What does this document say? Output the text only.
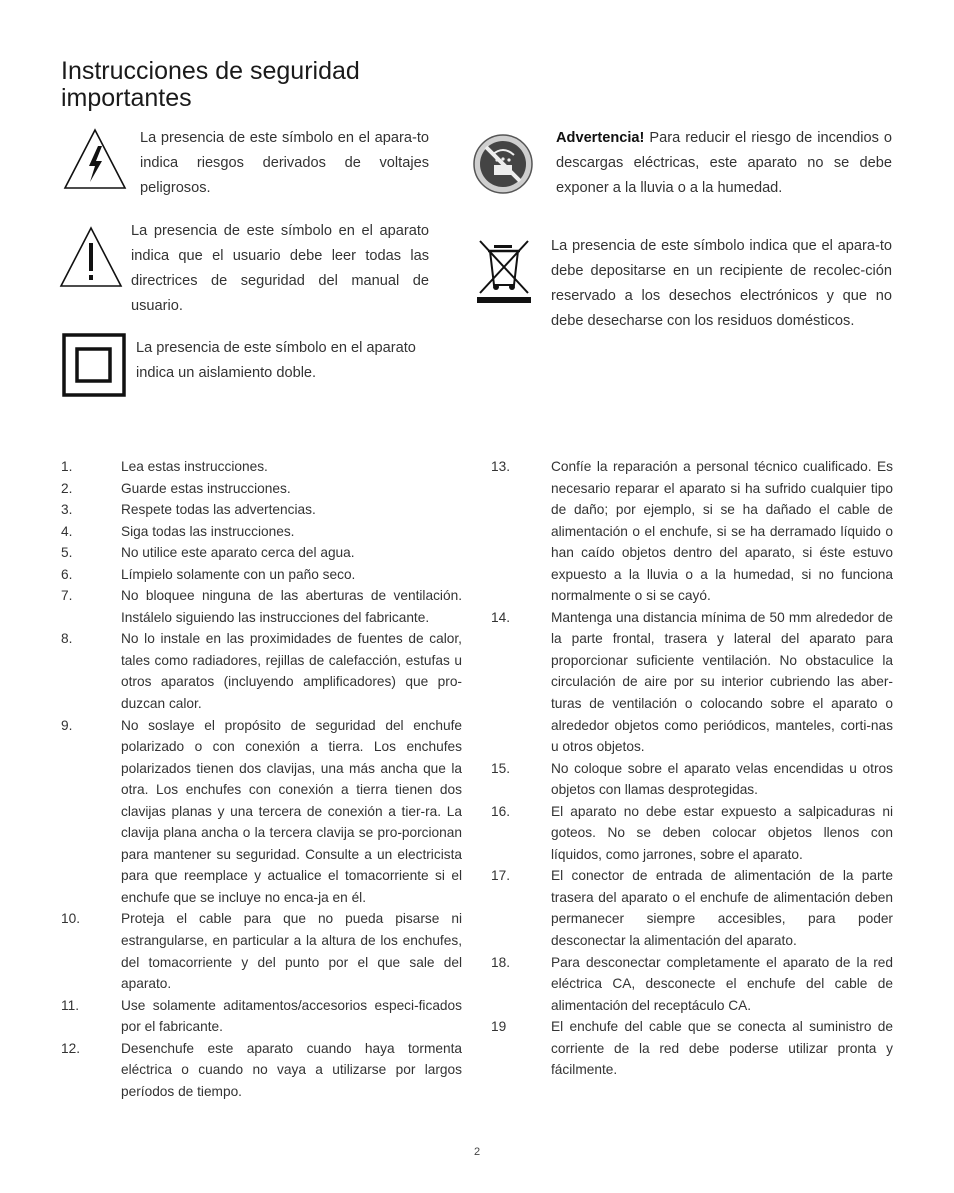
Instrucciones de seguridad importantes

La presencia de este símbolo en el apara-to indica riesgos derivados de voltajes peligrosos.

La presencia de este símbolo en el aparato indica que el usuario debe leer todas las directrices de seguridad del manual de usuario.

La presencia de este símbolo en el aparato indica un aislamiento doble.

Advertencia! Para reducir el riesgo de incendios o descargas eléctricas, este aparato no se debe exponer a la lluvia o a la humedad.

La presencia de este símbolo indica que el apara-to debe depositarse en un recipiente de recolec-ción reservado a los desechos electrónicos y que no debe desecharse con los residuos domésticos.

1.	Lea estas instrucciones.
2.	Guarde estas instrucciones.
3.	Respete todas las advertencias.
4.	Siga todas las instrucciones.
5.	No utilice este aparato cerca del agua.
6.	Límpielo solamente con un paño seco.
7.	No bloquee ninguna de las aberturas de ventilación. Instálelo siguiendo las instrucciones del fabricante.
8.	No lo instale en las proximidades de fuentes de calor, tales como radiadores, rejillas de calefacción, estufas u otros aparatos (incluyendo amplificadores) que pro-duzcan calor.
9.	No soslaye el propósito de seguridad del enchufe polarizado o con conexión a tierra. Los enchufes polarizados tienen dos clavijas, una más ancha que la otra. Los enchufes con conexión a tierra tienen dos clavijas planas y una tercera de conexión a tier-ra. La clavija plana ancha o la tercera clavija se pro-porcionan para mantener su seguridad. Consulte a un electricista para que reemplace y actualice el tomacorriente si el enchufe que se incluye no enca-ja en él.
10.	Proteja el cable para que no pueda pisarse ni estrangularse, en particular a la altura de los enchufes, del tomacorriente y del punto por el que sale del aparato.
11.	Use solamente aditamentos/accesorios especi-ficados por el fabricante.
12.	Desenchufe este aparato cuando haya tormenta eléctrica o cuando no vaya a utilizarse por largos períodos de tiempo.
13.	Confíe la reparación a personal técnico cualificado. Es necesario reparar el aparato si ha sufrido cualquier tipo de daño; por ejemplo, si se ha dañado el cable de alimentación o el enchufe, si se ha derramado líquido o han caído objetos dentro del aparato, si éste estuvo expuesto a la lluvia o a la humedad, si no funciona normalmente o si se cayó.
14.	Mantenga una distancia mínima de 50 mm alrededor de la parte frontal, trasera y lateral del aparato para proporcionar suficiente ventilación. No obstaculice la circulación de aire por su interior cubriendo las aber-turas de ventilación o colocando sobre el aparato o alrededor objetos como periódicos, manteles, corti-nas u otros objetos.
15.	No coloque sobre el aparato velas encendidas u otros objetos con llamas desprotegidas.
16.	El aparato no debe estar expuesto a salpicaduras ni goteos. No se deben colocar objetos llenos con líquidos, como jarrones, sobre el aparato.
17.	El conector de entrada de alimentación de la parte trasera del aparato o el enchufe de alimentación deben permanecer siempre accesibles, para poder desconectar la alimentación del aparato.
18.	Para desconectar completamente el aparato de la red eléctrica CA, desconecte el enchufe del cable de alimentación del receptáculo CA.
19	El enchufe del cable que se conecta al suministro de corriente de la red debe poderse utilizar pronta y fácilmente.
2
